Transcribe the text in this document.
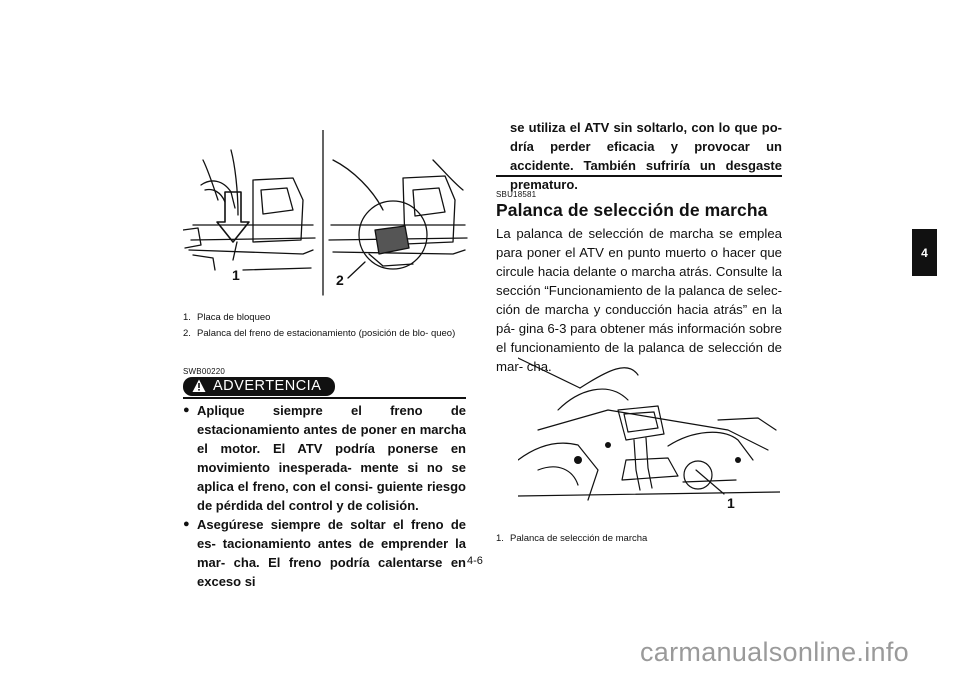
1	2
1. Placa de bloqueo
2. Palanca del freno de estacionamiento (posición de blo- queo)
SWB00220
ADVERTENCIA
● Aplique siempre el freno de estacionamiento antes de poner en marcha el motor. El ATV podría ponerse en movimiento inesperada- mente si no se aplica el freno, con el consi- guiente riesgo de pérdida del control y de colisión.
● Asegúrese siempre de soltar el freno de es- tacionamiento antes de emprender la mar- cha. El freno podría calentarse en exceso si
4-6
se utiliza el ATV sin soltarlo, con lo que po- dría perder eficacia y provocar un accidente. También sufriría un desgaste prematuro.
SBU18581
Palanca de selección de marcha
La palanca de selección de marcha se emplea para poner el ATV en punto muerto o hacer que circule hacia delante o marcha atrás. Consulte la sección “Funcionamiento de la palanca de selec- ción de marcha y conducción hacia atrás” en la pá- gina 6-3 para obtener más información sobre el funcionamiento de la palanca de selección de mar- cha.
1
1. Palanca de selección de marcha
4
carmanualsonline.info
